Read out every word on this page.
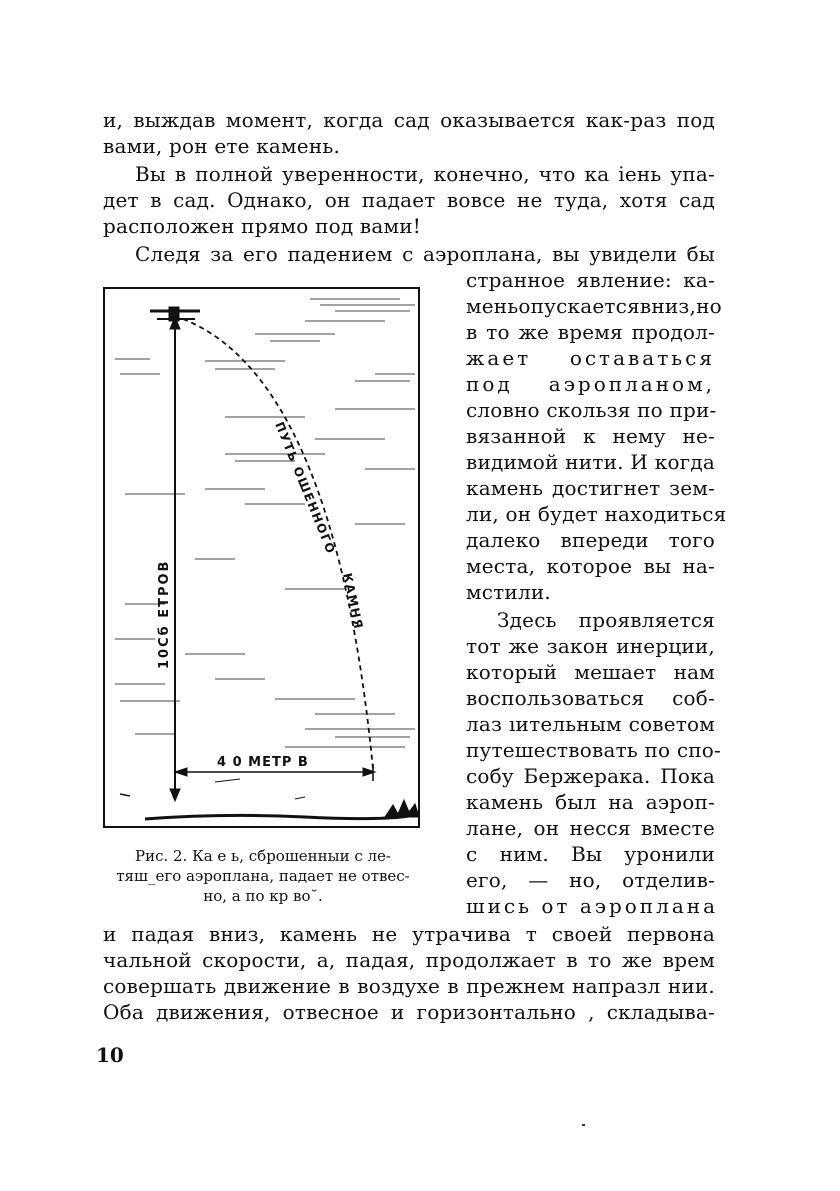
и, выждав момент, когда сад оказывается как-раз под
вами, рон ете камень.
Вы в полной уверенности, конечно, что ка іень упа-
дет в сад. Однако, он падает вовсе не туда, хотя сад
расположен прямо под вами!
Следя за его падением с аэроплана, вы увидели бы
странное явление: ка-
меньопускаетсявниз,но
в то же время продол-
жает оставаться
под аэропланом,
словно скользя по при-
вязанной к нему не-
видимой нити. И когда
камень достигнет зем-
ли, он будет находиться
далеко впереди того
места, которое вы на-
мстили.
Здесь проявляется
тот же закон инерции,
который мешает нам
воспользоваться соб-
лаз ıительным советом
путешествовать по спо-
собу Бержерака. Пока
камень был на аэроп-
лане, он несся вместе
с ним. Вы уронили
его, — но, отделив-
шись от аэроплана
и падая вниз, камень не утрачива т своей первона
чальной скорости, а, падая, продолжает в то же врем
совершать движение в воздухе в прежнем напразл нии.
Оба движения, отвесное и горизонтально , складыва-
10
10Сб ЕТРОВ
ПУТЬ ОШЕННОГО
КАМНЯ
4 0 МЕТР В
Рис. 2. Ка е ь, сброшенныи с ле-
тяш_его аэроплана, падает не отвес-
но, а по кр во˘.
